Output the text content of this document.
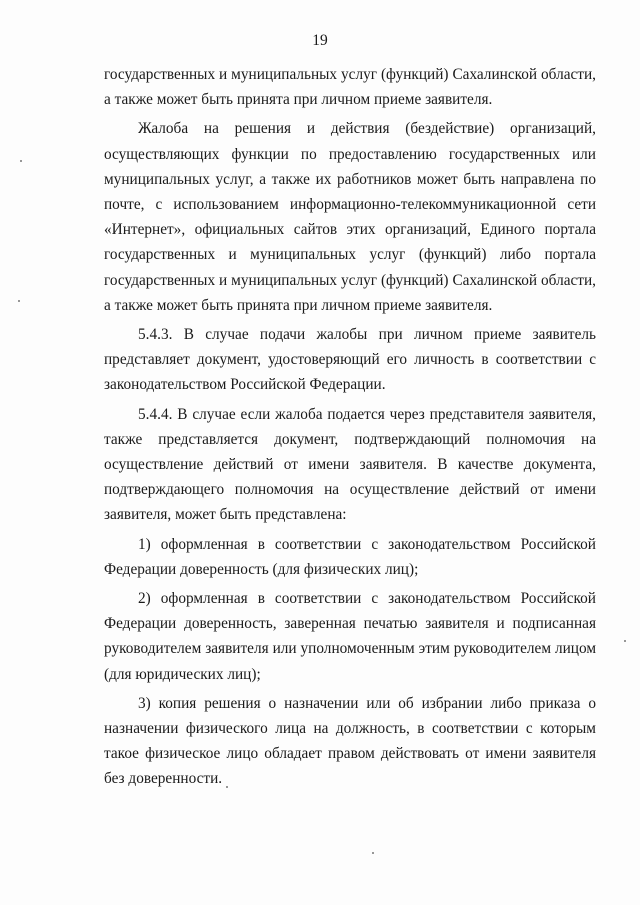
19

государственных и муниципальных услуг (функций) Сахалинской области, а также может быть принята при личном приеме заявителя.

Жалоба на решения и действия (бездействие) организаций, осуществляющих функции по предоставлению государственных или муниципальных услуг, а также их работников может быть направлена по почте, с использованием информационно-телекоммуникационной сети «Интернет», официальных сайтов этих организаций, Единого портала государственных и муниципальных услуг (функций) либо портала государственных и муниципальных услуг (функций) Сахалинской области, а также может быть принята при личном приеме заявителя.

5.4.3. В случае подачи жалобы при личном приеме заявитель представляет документ, удостоверяющий его личность в соответствии с законодательством Российской Федерации.

5.4.4. В случае если жалоба подается через представителя заявителя, также представляется документ, подтверждающий полномочия на осуществление действий от имени заявителя. В качестве документа, подтверждающего полномочия на осуществление действий от имени заявителя, может быть представлена:

1) оформленная в соответствии с законодательством Российской Федерации доверенность (для физических лиц);

2) оформленная в соответствии с законодательством Российской Федерации доверенность, заверенная печатью заявителя и подписанная руководителем заявителя или уполномоченным этим руководителем лицом (для юридических лиц);

3) копия решения о назначении или об избрании либо приказа о назначении физического лица на должность, в соответствии с которым такое физическое лицо обладает правом действовать от имени заявителя без доверенности.
